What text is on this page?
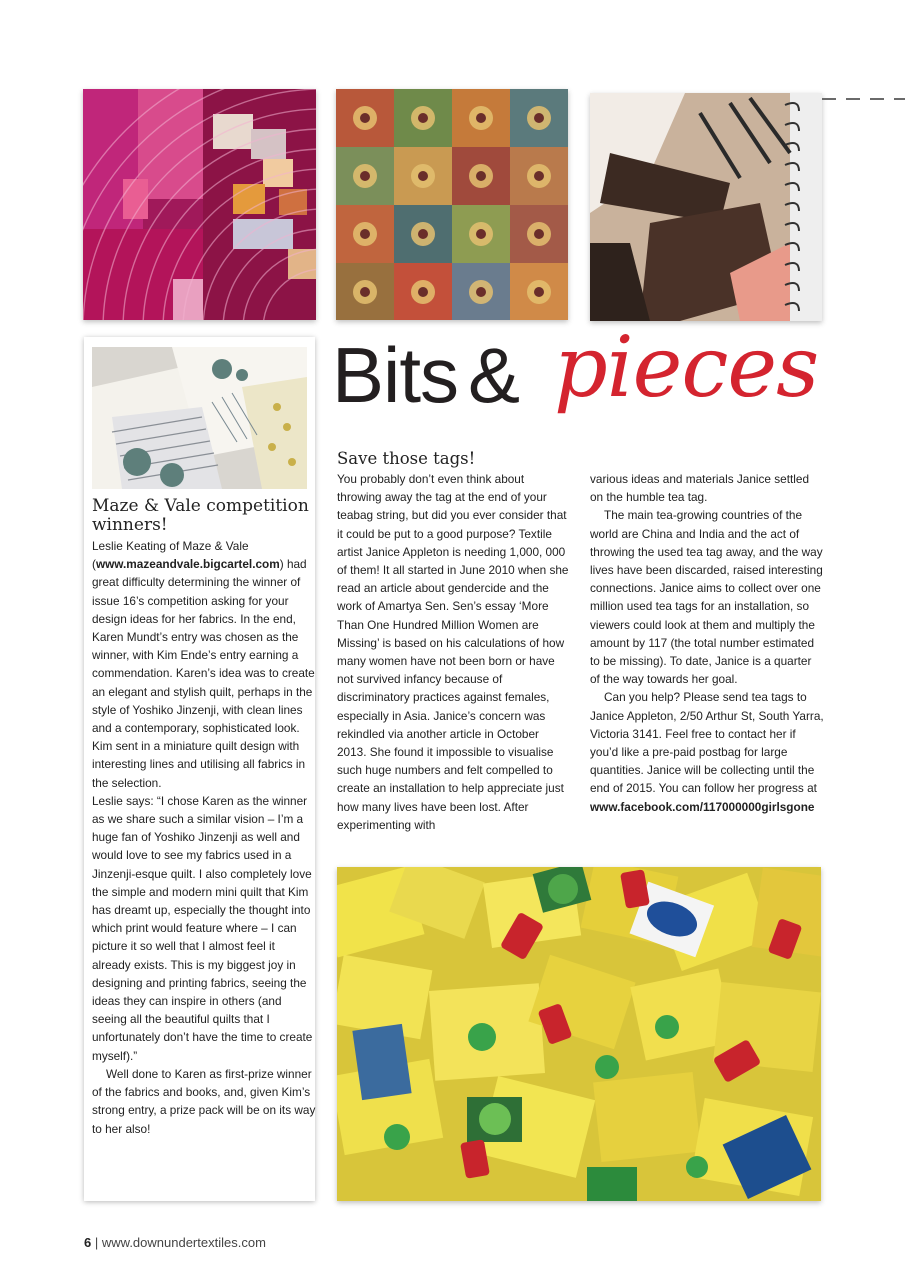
Maze & Vale competition winners!

Leslie Keating of Maze & Vale (www.mazeandvale.bigcartel.com) had great difficulty determining the winner of issue 16’s competition asking for your design ideas for her fabrics. In the end, Karen Mundt’s entry was chosen as the winner, with Kim Ende’s entry earning a commendation. Karen’s idea was to create an elegant and stylish quilt, perhaps in the style of Yoshiko Jinzenji, with clean lines and a contemporary, sophisticated look. Kim sent in a miniature quilt design with interesting lines and utilising all fabrics in the selection.

Leslie says: “I chose Karen as the winner as we share such a similar vision – I’m a huge fan of Yoshiko Jinzenji as well and would love to see my fabrics used in a Jinzenji-esque quilt. I also completely love the simple and modern mini quilt that Kim has dreamt up, especially the thought into which print would feature where – I can picture it so well that I almost feel it already exists. This is my biggest joy in designing and printing fabrics, seeing the ideas they can inspire in others (and seeing all the beautiful quilts that I unfortunately don’t have the time to create myself).”

Well done to Karen as first-prize winner of the fabrics and books, and, given Kim’s strong entry, a prize pack will be on its way to her also!

Bits & pieces
Save those tags!

You probably don’t even think about throwing away the tag at the end of your teabag string, but did you ever consider that it could be put to a good purpose? Textile artist Janice Appleton is needing 1,000, 000 of them! It all started in June 2010 when she read an article about gendercide and the work of Amartya Sen. Sen’s essay ‘More Than One Hundred Million Women are Missing’ is based on his calculations of how many women have not been born or have not survived infancy because of discriminatory practices against females, especially in Asia. Janice’s concern was rekindled via another article in October 2013. She found it impossible to visualise such huge numbers and felt compelled to create an installation to help appreciate just how many lives have been lost. After experimenting with

various ideas and materials Janice settled on the humble tea tag.

The main tea-growing countries of the world are China and India and the act of throwing the used tea tag away, and the way lives have been discarded, raised interesting connections. Janice aims to collect over one million used tea tags for an installation, so viewers could look at them and multiply the amount by 117 (the total number estimated to be missing). To date, Janice is a quarter of the way towards her goal.

Can you help? Please send tea tags to Janice Appleton, 2/50 Arthur St, South Yarra, Victoria 3141. Feel free to contact her if you’d like a pre-paid postbag for large quantities. Janice will be collecting until the end of 2015. You can follow her progress at www.facebook.com/117000000girlsgone

6 | www.downundertextiles.com
